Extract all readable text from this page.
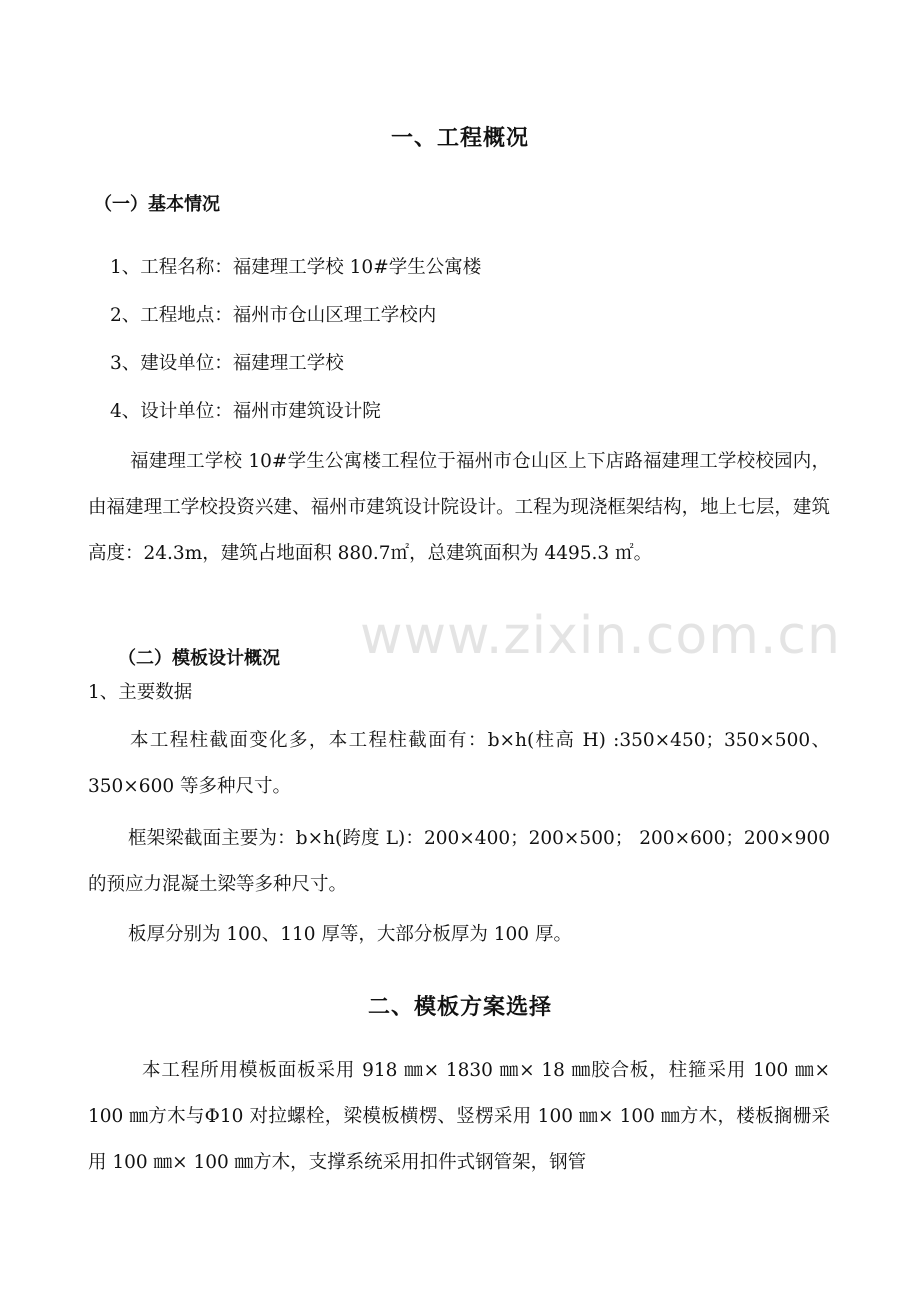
一、工程概况
（一）基本情况
1、工程名称：福建理工学校 10#学生公寓楼
2、工程地点：福州市仓山区理工学校内
3、建设单位：福建理工学校
4、设计单位：福州市建筑设计院
福建理工学校 10#学生公寓楼工程位于福州市仓山区上下店路福建理工学校校园内，由福建理工学校投资兴建、福州市建筑设计院设计。工程为现浇框架结构，地上七层，建筑高度：24.3m，建筑占地面积 880.7㎡，总建筑面积为 4495.3 ㎡。
（二）模板设计概况
1、主要数据
本工程柱截面变化多，本工程柱截面有：b×h(柱高 H) :350×450；350×500、350×600 等多种尺寸。
框架梁截面主要为：b×h(跨度 L)：200×400；200×500； 200×600；200×900 的预应力混凝土梁等多种尺寸。
板厚分别为 100、110 厚等，大部分板厚为 100 厚。
二、模板方案选择
本工程所用模板面板采用 918 ㎜× 1830 ㎜× 18 ㎜胶合板，柱箍采用 100 ㎜× 100 ㎜方木与Φ10 对拉螺栓，梁模板横楞、竖楞采用 100 ㎜× 100 ㎜方木，楼板搁栅采用 100 ㎜× 100 ㎜方木，支撑系统采用扣件式钢管架，钢管
www.zixin.com.cn
